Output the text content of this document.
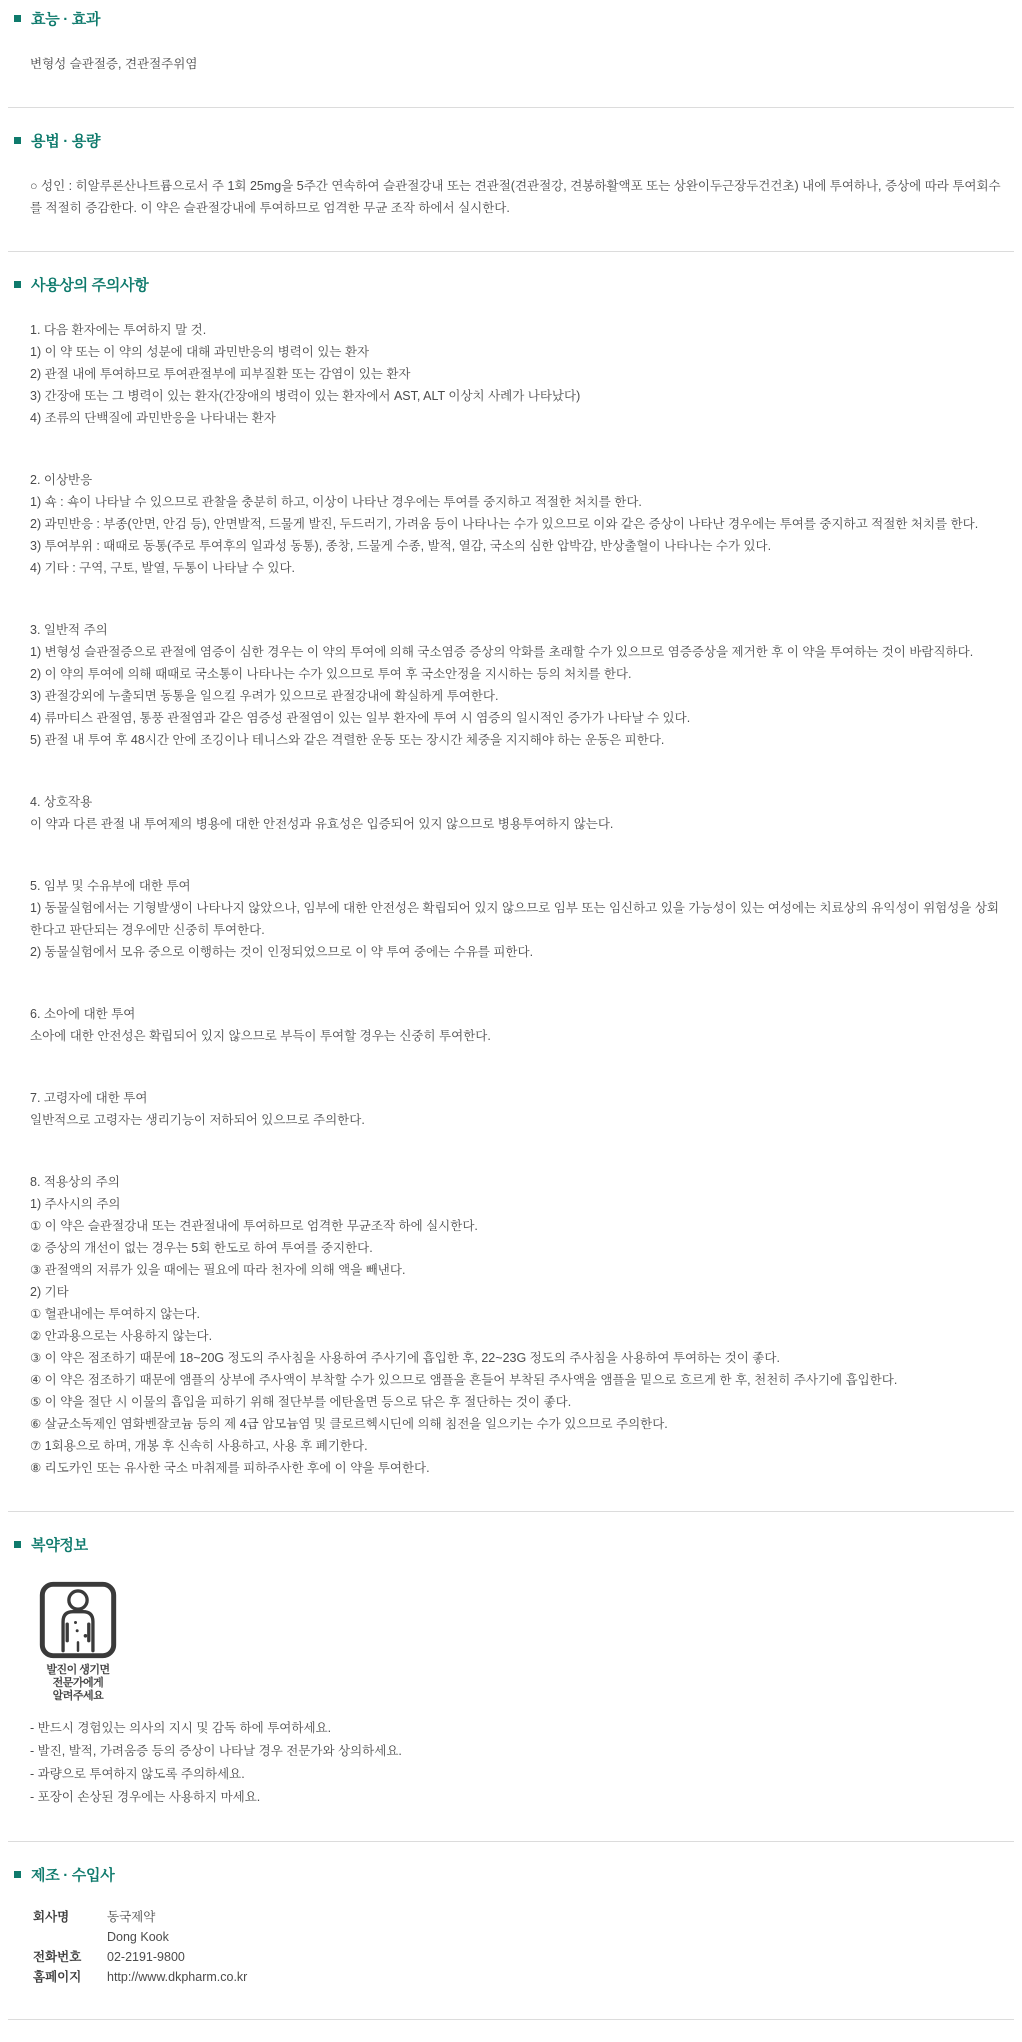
효능 · 효과
변형성 슬관절증, 견관절주위염
용법 · 용량
○ 성인 : 히알루론산나트륨으로서 주 1회 25mg을 5주간 연속하여 슬관절강내 또는 견관절(견관절강, 견봉하활액포 또는 상완이두근장두건건초) 내에 투여하나, 증상에 따라 투여회수를 적절히 증감한다. 이 약은 슬관절강내에 투여하므로 엄격한 무균 조작 하에서 실시한다.
사용상의 주의사항
1. 다음 환자에는 투여하지 말 것.
1) 이 약 또는 이 약의 성분에 대해 과민반응의 병력이 있는 환자
2) 관절 내에 투여하므로 투여관절부에 피부질환 또는 감염이 있는 환자
3) 간장애 또는 그 병력이 있는 환자(간장애의 병력이 있는 환자에서 AST, ALT 이상치 사례가 나타났다)
4) 조류의 단백질에 과민반응을 나타내는 환자
2. 이상반응
1) 쇽 : 쇽이 나타날 수 있으므로 관찰을 충분히 하고, 이상이 나타난 경우에는 투여를 중지하고 적절한 처치를 한다.
2) 과민반응 : 부종(안면, 안검 등), 안면발적, 드물게 발진, 두드러기, 가려움 등이 나타나는 수가 있으므로 이와 같은 증상이 나타난 경우에는 투여를 중지하고 적절한 처치를 한다.
3) 투여부위 : 때때로 동통(주로 투여후의 일과성 동통), 종창, 드물게 수종, 발적, 열감, 국소의 심한 압박감, 반상출혈이 나타나는 수가 있다.
4) 기타 : 구역, 구토, 발열, 두통이 나타날 수 있다.
3. 일반적 주의
1) 변형성 슬관절증으로 관절에 염증이 심한 경우는 이 약의 투여에 의해 국소염증 증상의 악화를 초래할 수가 있으므로 염증증상을 제거한 후 이 약을 투여하는 것이 바람직하다.
2) 이 약의 투여에 의해 때때로 국소통이 나타나는 수가 있으므로 투여 후 국소안정을 지시하는 등의 처치를 한다.
3) 관절강외에 누출되면 동통을 일으킬 우려가 있으므로 관절강내에 확실하게 투여한다.
4) 류마티스 관절염, 통풍 관절염과 같은 염증성 관절염이 있는 일부 환자에 투여 시 염증의 일시적인 증가가 나타날 수 있다.
5) 관절 내 투여 후 48시간 안에 조깅이나 테니스와 같은 격렬한 운동 또는 장시간 체중을 지지해야 하는 운동은 피한다.
4. 상호작용
이 약과 다른 관절 내 투여제의 병용에 대한 안전성과 유효성은 입증되어 있지 않으므로 병용투여하지 않는다.
5. 임부 및 수유부에 대한 투여
1) 동물실험에서는 기형발생이 나타나지 않았으나, 임부에 대한 안전성은 확립되어 있지 않으므로 임부 또는 임신하고 있을 가능성이 있는 여성에는 치료상의 유익성이 위험성을 상회한다고 판단되는 경우에만 신중히 투여한다.
2) 동물실험에서 모유 중으로 이행하는 것이 인정되었으므로 이 약 투여 중에는 수유를 피한다.
6. 소아에 대한 투여
소아에 대한 안전성은 확립되어 있지 않으므로 부득이 투여할 경우는 신중히 투여한다.
7. 고령자에 대한 투여
일반적으로 고령자는 생리기능이 저하되어 있으므로 주의한다.
8. 적용상의 주의
1) 주사시의 주의
① 이 약은 슬관절강내 또는 견관절내에 투여하므로 엄격한 무균조작 하에 실시한다.
② 증상의 개선이 없는 경우는 5회 한도로 하여 투여를 중지한다.
③ 관절액의 저류가 있을 때에는 필요에 따라 천자에 의해 액을 빼낸다.
2) 기타
① 혈관내에는 투여하지 않는다.
② 안과용으로는 사용하지 않는다.
③ 이 약은 점조하기 때문에 18~20G 정도의 주사침을 사용하여 주사기에 흡입한 후, 22~23G 정도의 주사침을 사용하여 투여하는 것이 좋다.
④ 이 약은 점조하기 때문에 앰플의 상부에 주사액이 부착할 수가 있으므로 앰플을 흔들어 부착된 주사액을 앰플을 밑으로 흐르게 한 후, 천천히 주사기에 흡입한다.
⑤ 이 약을 절단 시 이물의 흡입을 피하기 위해 절단부를 에탄올면 등으로 닦은 후 절단하는 것이 좋다.
⑥ 살균소독제인 염화벤잘코늄 등의 제 4급 암모늄염 및 클로르헥시딘에 의해 침전을 일으키는 수가 있으므로 주의한다.
⑦ 1회용으로 하며, 개봉 후 신속히 사용하고, 사용 후 폐기한다.
⑧ 리도카인 또는 유사한 국소 마취제를 피하주사한 후에 이 약을 투여한다.
복약정보
발진이 생기면
전문가에게
알려주세요
- 반드시 경험있는 의사의 지시 및 감독 하에 투여하세요.
- 발진, 발적, 가려움증 등의 증상이 나타날 경우 전문가와 상의하세요.
- 과량으로 투여하지 않도록 주의하세요.
- 포장이 손상된 경우에는 사용하지 마세요.
제조 · 수입사
회사명	동국제약
Dong Kook
전화번호	02-2191-9800
홈페이지	http://www.dkpharm.co.kr
